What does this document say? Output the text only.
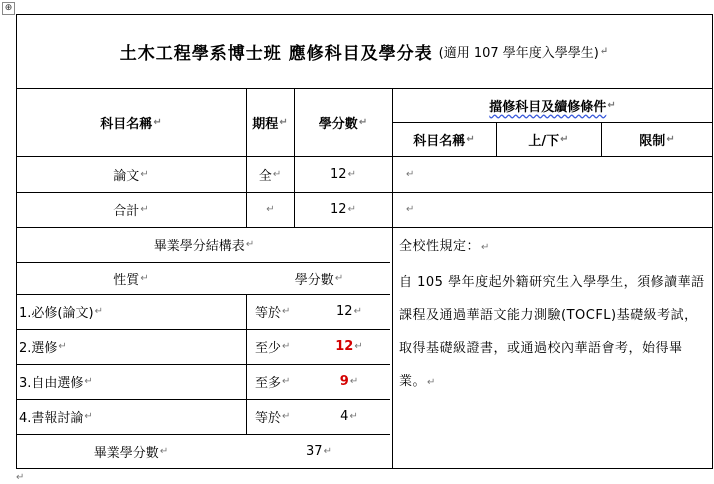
⊕
土木工程學系博士班 應修科目及學分表 (適用 107 學年度入學學生) ↵
科目名稱 ↵	期程 ↵ 學分數 ↵
擋修科目及續修條件 ↵
科目名稱 ↵	上/下 ↵	限制 ↵
論文 ↵	全 ↵	12 ↵	↵
合計 ↵	↵	12 ↵	↵
畢業學分結構表 ↵
性質 ↵	學分數 ↵
1.必修(論文) ↵	等於 ↵	12 ↵
2.選修 ↵	至少 ↵	12 ↵
3.自由選修 ↵	至多 ↵	9 ↵
4.書報討論 ↵	等於 ↵	4 ↵
畢業學分數 ↵	37 ↵
全校性規定：↵
自 105 學年度起外籍研究生入學學生，須修讀華語課程及通過華語文能力測驗(TOCFL)基礎級考試，取得基礎級證書，或通過校內華語會考，始得畢業。↵
↵
